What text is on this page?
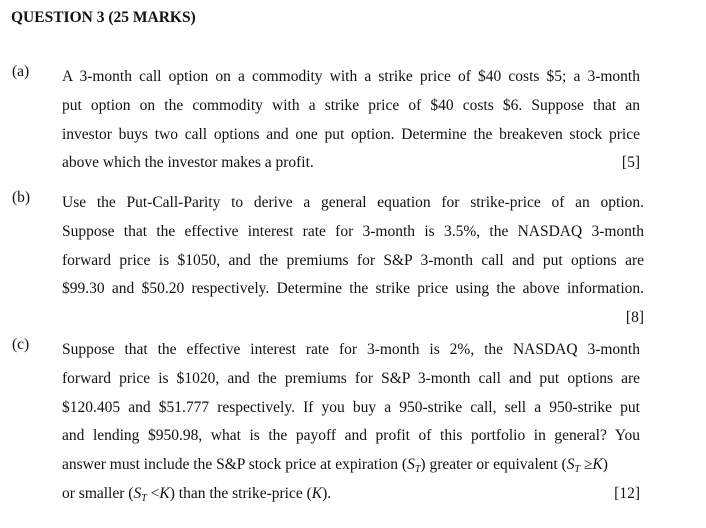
QUESTION 3 (25 MARKS)
(a) A 3-month call option on a commodity with a strike price of $40 costs $5; a 3-month
put option on the commodity with a strike price of $40 costs $6. Suppose that an
investor buys two call options and one put option. Determine the breakeven stock price
above which the investor makes a profit.	[5]
(b) Use the Put-Call-Parity to derive a general equation for strike-price of an option.
Suppose that the effective interest rate for 3-month is 3.5%, the NASDAQ 3-month
forward price is $1050, and the premiums for S&P 3-month call and put options are
$99.30 and $50.20 respectively. Determine the strike price using the above information.
[8]
(c) Suppose that the effective interest rate for 3-month is 2%, the NASDAQ 3-month
forward price is $1020, and the premiums for S&P 3-month call and put options are
$120.405 and $51.777 respectively. If you buy a 950-strike call, sell a 950-strike put
and lending $950.98, what is the payoff and profit of this portfolio in general? You
answer must include the S&P stock price at expiration $(S_T)$ greater or equivalent $(S_T \ge K)$
or smaller $(S_T <K)$ than the strike-price (K).	[12]
